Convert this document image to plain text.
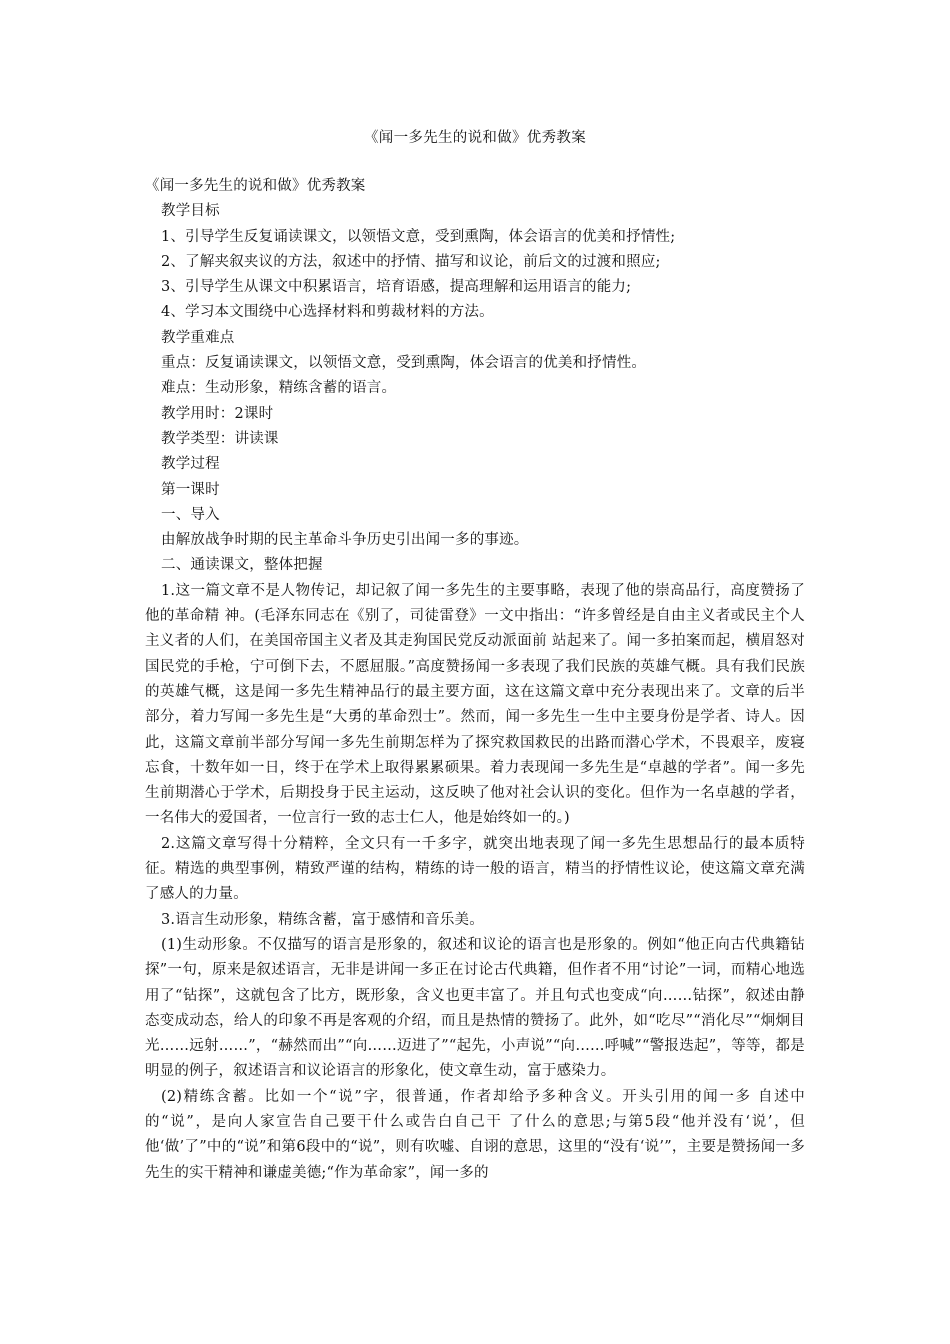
《闻一多先生的说和做》优秀教案

《闻一多先生的说和做》优秀教案

教学目标

1、引导学生反复诵读课文，以领悟文意，受到熏陶，体会语言的优美和抒情性;

2、了解夹叙夹议的方法，叙述中的抒情、描写和议论，前后文的过渡和照应;

3、引导学生从课文中积累语言，培育语感，提高理解和运用语言的能力;

4、学习本文围绕中心选择材料和剪裁材料的方法。

教学重难点

重点：反复诵读课文，以领悟文意，受到熏陶，体会语言的优美和抒情性。

难点：生动形象，精练含蓄的语言。

教学用时：2课时

教学类型：讲读课

教学过程

第一课时

一、导入

由解放战争时期的民主革命斗争历史引出闻一多的事迹。

二、通读课文，整体把握

1.这一篇文章不是人物传记，却记叙了闻一多先生的主要事略，表现了他的崇高品行，高度赞扬了他的革命精 神。(毛泽东同志在《别了，司徒雷登》一文中指出：“许多曾经是自由主义者或民主个人主义者的人们，在美国帝国主义者及其走狗国民党反动派面前 站起来了。闻一多拍案而起，横眉怒对国民党的手枪，宁可倒下去，不愿屈服。”高度赞扬闻一多表现了我们民族的英雄气概。具有我们民族的英雄气概，这是闻一多先生精神品行的最主要方面，这在这篇文章中充分表现出来了。文章的后半部分，着力写闻一多先生是“大勇的革命烈士”。然而，闻一多先生一生中主要身份是学者、诗人。因此，这篇文章前半部分写闻一多先生前期怎样为了探究救国救民的出路而潜心学术，不畏艰辛，废寝忘食，十数年如一日，终于在学术上取得累累硕果。着力表现闻一多先生是“卓越的学者”。闻一多先生前期潜心于学术，后期投身于民主运动，这反映了他对社会认识的变化。但作为一名卓越的学者，一名伟大的爱国者，一位言行一致的志士仁人，他是始终如一的。)

2.这篇文章写得十分精粹，全文只有一千多字，就突出地表现了闻一多先生思想品行的最本质特征。精选的典型事例，精致严谨的结构，精练的诗一般的语言，精当的抒情性议论，使这篇文章充满了感人的力量。

3.语言生动形象，精练含蓄，富于感情和音乐美。

(1)生动形象。不仅描写的语言是形象的，叙述和议论的语言也是形象的。例如“他正向古代典籍钻探”一句，原来是叙述语言，无非是讲闻一多正在讨论古代典籍，但作者不用“讨论”一词，而精心地选用了“钻探”，这就包含了比方，既形象，含义也更丰富了。并且句式也变成“向……钻探”，叙述由静态变成动态，给人的印象不再是客观的介绍，而且是热情的赞扬了。此外，如“吃尽”“消化尽”“炯炯目光……远射……”，“赫然而出”“向……迈进了”“起先，小声说”“向……呼喊”“警报迭起”，等等，都是明显的例子，叙述语言和议论语言的形象化，使文章生动，富于感染力。

(2)精练含蓄。比如一个“说”字，很普通，作者却给予多种含义。开头引用的闻一多 自述中的“说”，是向人家宣告自己要干什么或告白自己干 了什么的意思;与第5段“他并没有‘说’，但他‘做’了”中的“说”和第6段中的“说”，则有吹嘘、自诩的意思，这里的“没有‘说’”，主要是赞扬闻一多先生的实干精神和谦虚美德;“作为革命家”，闻一多的
